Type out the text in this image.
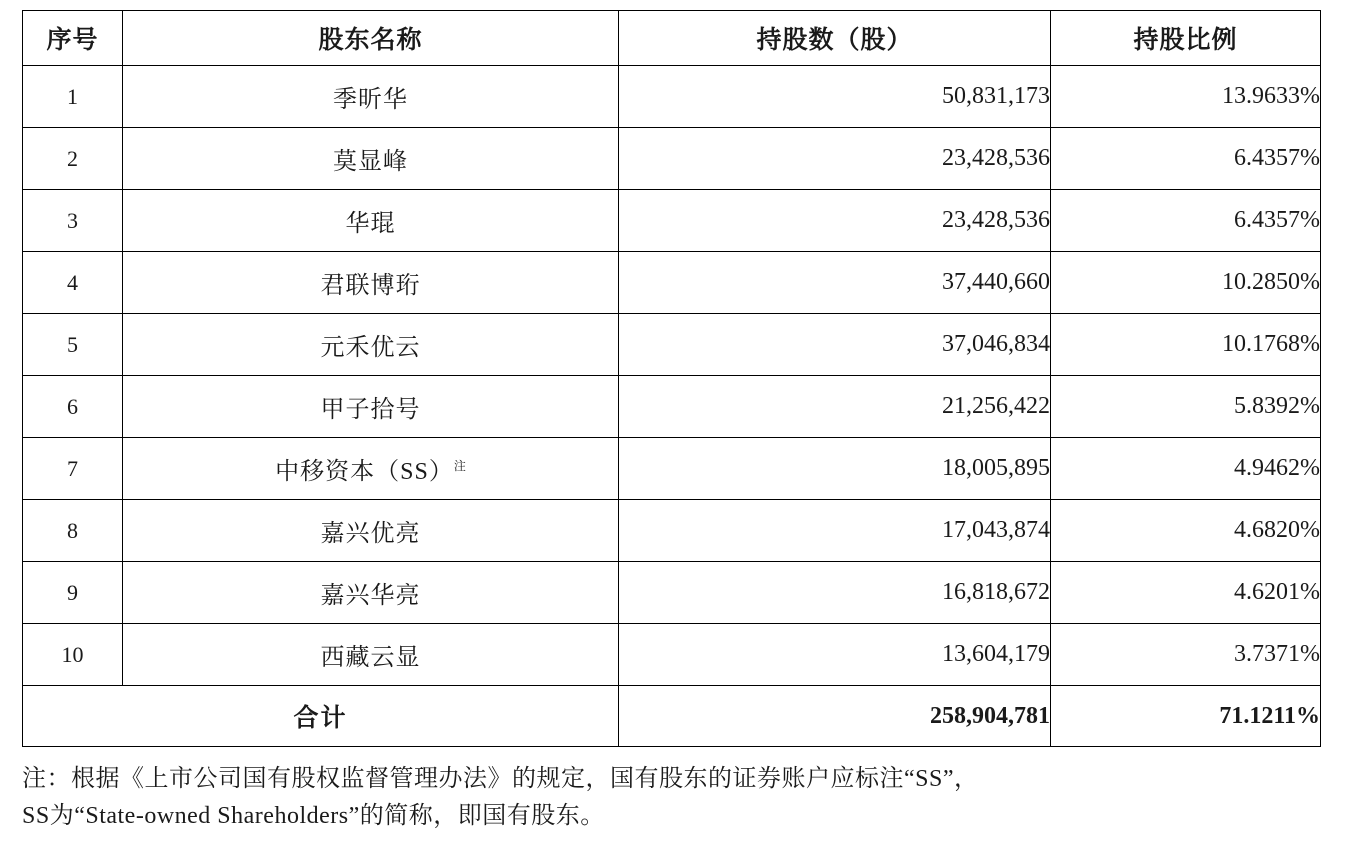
序号	股东名称	持股数（股）	持股比例
1	季昕华	50,831,173	13.9633%
2	莫显峰	23,428,536	6.4357%
3	华琨	23,428,536	6.4357%
4	君联博珩	37,440,660	10.2850%
5	元禾优云	37,046,834	10.1768%
6	甲子拾号	21,256,422	5.8392%
7	中移资本（SS）$^注$	18,005,895	4.9462%
8	嘉兴优亮	17,043,874	4.6820%
9	嘉兴华亮	16,818,672	4.6201%
10	西藏云显	13,604,179	3.7371%
合计		258,904,781	71.1211%
注：根据《上市公司国有股权监督管理办法》的规定，国有股东的证券账户应标注“SS”，
SS为“State-owned Shareholders”的简称，即国有股东。
